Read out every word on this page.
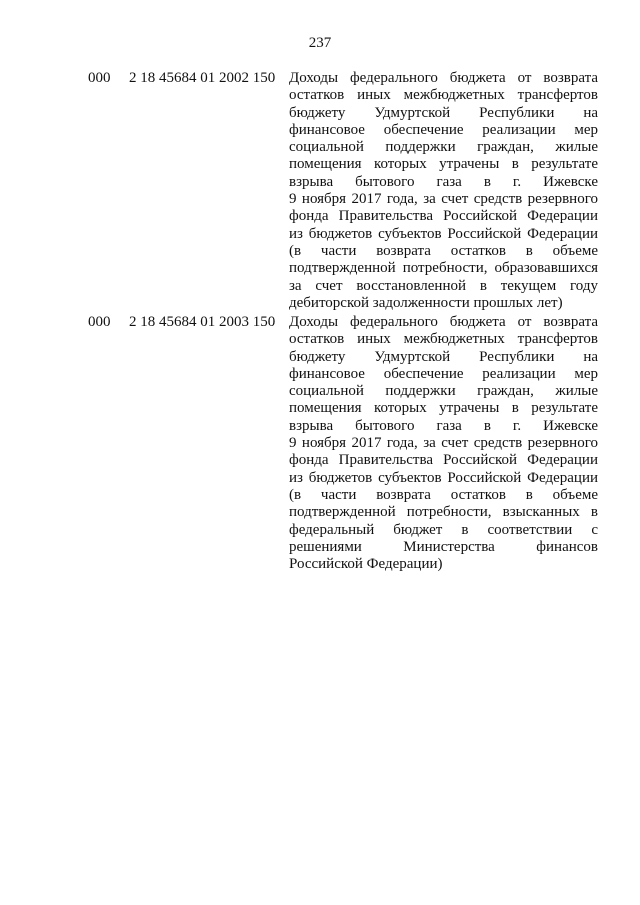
237
000 2 18 45684 01 2002 150 Доходы федерального бюджета от возврата
остатков иных межбюджетных трансфертов
бюджету Удмуртской Республики на
финансовое обеспечение реализации мер
социальной поддержки граждан, жилые
помещения которых утрачены в результате
взрыва бытового газа в г. Ижевске
9 ноября 2017 года, за счет средств резервного
фонда Правительства Российской Федерации
из бюджетов субъектов Российской Федерации
(в части возврата остатков в объеме
подтвержденной потребности, образовавшихся
за счет восстановленной в текущем году
дебиторской задолженности прошлых лет)
000 2 18 45684 01 2003 150 Доходы федерального бюджета от возврата
остатков иных межбюджетных трансфертов
бюджету Удмуртской Республики на
финансовое обеспечение реализации мер
социальной поддержки граждан, жилые
помещения которых утрачены в результате
взрыва бытового газа в г. Ижевске
9 ноября 2017 года, за счет средств резервного
фонда Правительства Российской Федерации
из бюджетов субъектов Российской Федерации
(в части возврата остатков в объеме
подтвержденной потребности, взысканных в
федеральный бюджет в соответствии с
решениями Министерства финансов
Российской Федерации)
